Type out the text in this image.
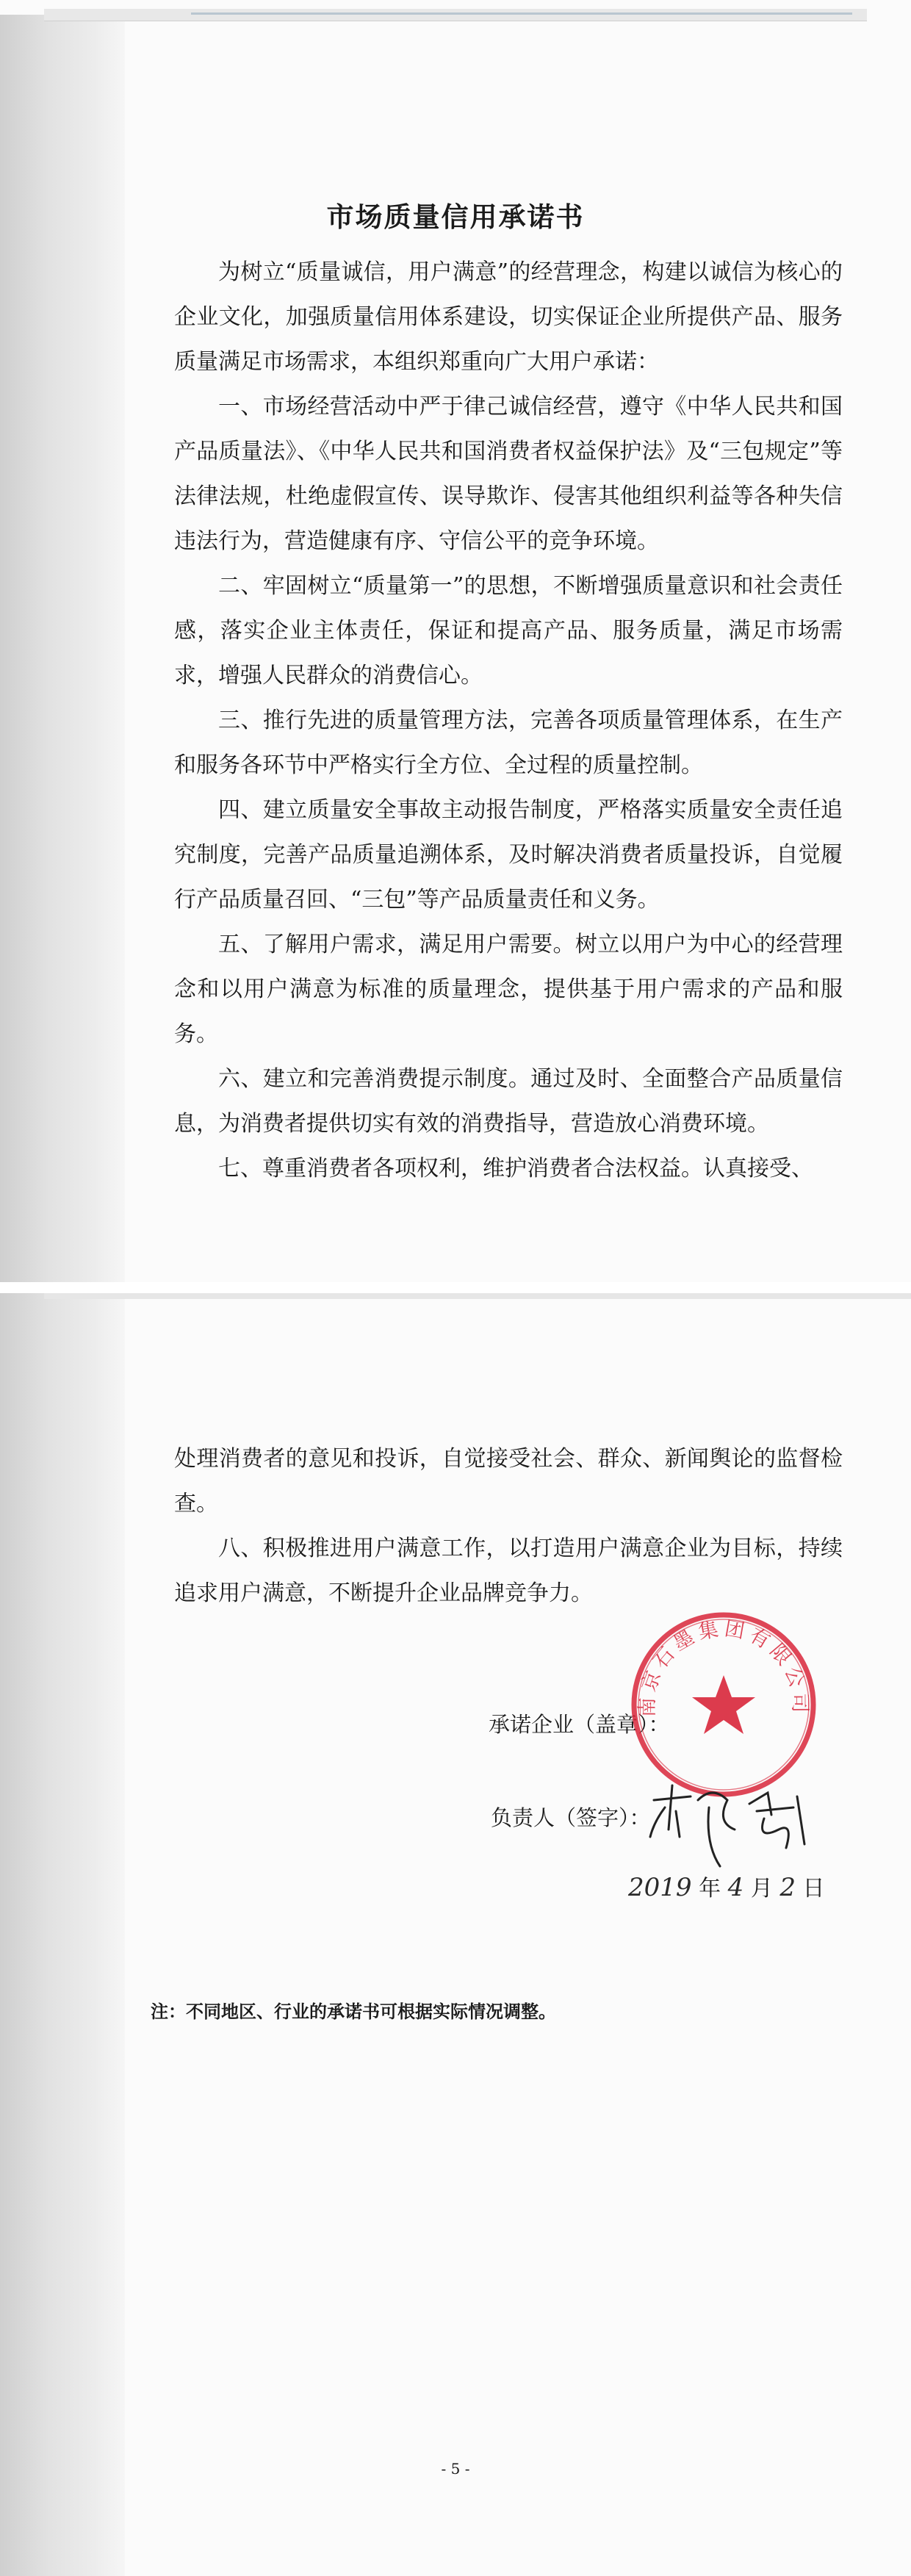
市场质量信用承诺书

为树立“质量诚信，用户满意”的经营理念，构建以诚信为核心的企业文化，加强质量信用体系建设，切实保证企业所提供产品、服务质量满足市场需求，本组织郑重向广大用户承诺：

一、市场经营活动中严于律己诚信经营，遵守《中华人民共和国产品质量法》、《中华人民共和国消费者权益保护法》及“三包规定”等法律法规，杜绝虚假宣传、误导欺诈、侵害其他组织利益等各种失信违法行为，营造健康有序、守信公平的竞争环境。

二、牢固树立“质量第一”的思想，不断增强质量意识和社会责任感，落实企业主体责任，保证和提高产品、服务质量，满足市场需求，增强人民群众的消费信心。

三、推行先进的质量管理方法，完善各项质量管理体系，在生产和服务各环节中严格实行全方位、全过程的质量控制。

四、建立质量安全事故主动报告制度，严格落实质量安全责任追究制度，完善产品质量追溯体系，及时解决消费者质量投诉，自觉履行产品质量召回、“三包”等产品质量责任和义务。

五、了解用户需求，满足用户需要。树立以用户为中心的经营理念和以用户满意为标准的质量理念，提供基于用户需求的产品和服务。

六、建立和完善消费提示制度。通过及时、全面整合产品质量信息，为消费者提供切实有效的消费指导，营造放心消费环境。

七、尊重消费者各项权利，维护消费者合法权益。认真接受、

处理消费者的意见和投诉，自觉接受社会、群众、新闻舆论的监督检查。

八、积极推进用户满意工作，以打造用户满意企业为目标，持续追求用户满意，不断提升企业品牌竞争力。

承诺企业（盖章）：
负责人（签字）：
南京石墨集团有限公司
2019 年 4 月 2 日
注：不同地区、行业的承诺书可根据实际情况调整。
- 5 -
